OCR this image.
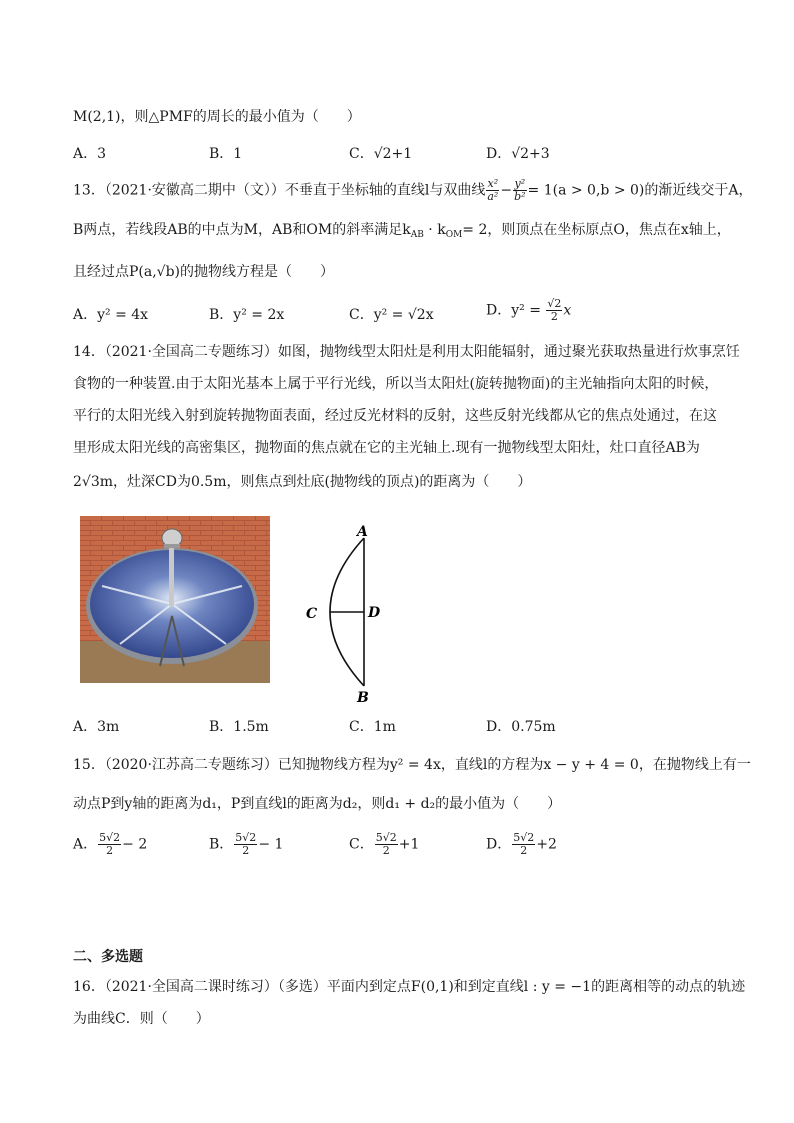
M(2,1)，则△PMF的周长的最小值为（　　）
A．3	B．1	C．√2+1	D．√2+3
13．（2021·安徽高二期中（文））不垂直于坐标轴的直线l与双曲线 $\frac{\text{x²}}{\text{a²}} - \frac{\text{y²}}{\text{b²}} = 1(a > 0,b > 0)$的渐近线交于A，
B两点，若线段AB的中点为M，AB和OM的斜率满足$k_{AB} \cdot k_{OM}= 2$，则顶点在坐标原点O，焦点在x轴上，
且经过点P(a,√b)的抛物线方程是（　　）
A．y² = 4x	B．y² = 2x	C．y² = √2x	D．$y^2 = \frac{√2}{2}$ x
14．（2021·全国高二专题练习）如图，抛物线型太阳灶是利用太阳能辐射，通过聚光获取热量进行炊事烹饪
食物的一种装置.由于太阳光基本上属于平行光线，所以当太阳灶(旋转抛物面)的主光轴指向太阳的时候，
平行的太阳光线入射到旋转抛物面表面，经过反光材料的反射，这些反射光线都从它的焦点处通过，在这
里形成太阳光线的高密集区，抛物面的焦点就在它的主光轴上.现有一抛物线型太阳灶，灶口直径AB为
2√3m，灶深CD为0.5m，则焦点到灶底(抛物线的顶点)的距离为（　　）
A
B
C	D
A．3m	B．1.5m	C．1m	D．0.75m
15．（2020·江苏高二专题练习）已知抛物线方程为y² = 4x，直线l的方程为x − y + 4 = 0，在抛物线上有一
动点P到y轴的距离为d₁，P到直线l的距离为d₂，则d₁ + d₂的最小值为（　　）
A． $\frac{5√2}{2} - 2$	B． $\frac{5√2}{2} - 1$	C． $\frac{5√2}{2} +1$	D． $\frac{5√2}{2} +2$
二、多选题
16．（2021·全国高二课时练习）（多选）平面内到定点F(0,1)和到定直线l : y = −1的距离相等的动点的轨迹
为曲线C．则（　　）
